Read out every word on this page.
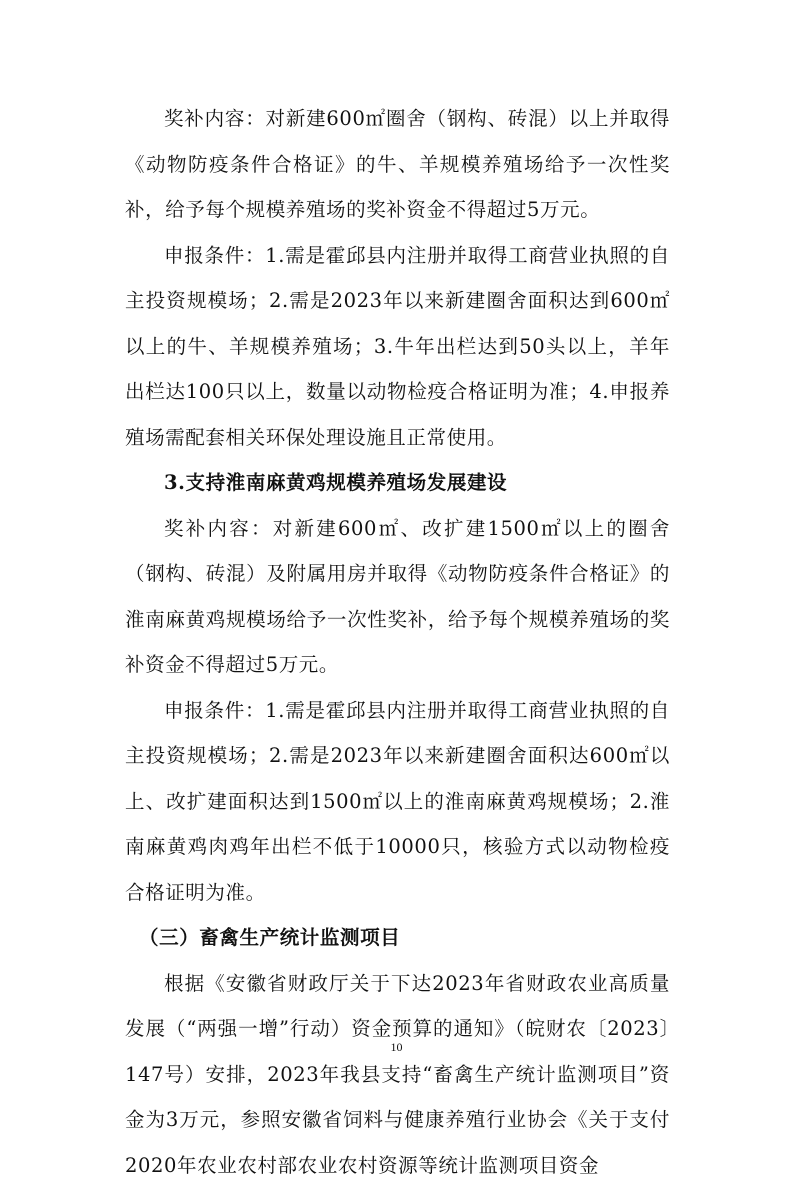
奖补内容：对新建600㎡圈舍（钢构、砖混）以上并取得《动物防疫条件合格证》的牛、羊规模养殖场给予一次性奖补，给予每个规模养殖场的奖补资金不得超过5万元。

申报条件：1.需是霍邱县内注册并取得工商营业执照的自主投资规模场；2.需是2023年以来新建圈舍面积达到600㎡以上的牛、羊规模养殖场；3.牛年出栏达到50头以上，羊年出栏达100只以上，数量以动物检疫合格证明为准；4.申报养殖场需配套相关环保处理设施且正常使用。

3.支持淮南麻黄鸡规模养殖场发展建设

奖补内容：对新建600㎡、改扩建1500㎡以上的圈舍（钢构、砖混）及附属用房并取得《动物防疫条件合格证》的淮南麻黄鸡规模场给予一次性奖补，给予每个规模养殖场的奖补资金不得超过5万元。

申报条件：1.需是霍邱县内注册并取得工商营业执照的自主投资规模场；2.需是2023年以来新建圈舍面积达600㎡以上、改扩建面积达到1500㎡以上的淮南麻黄鸡规模场；2.淮南麻黄鸡肉鸡年出栏不低于10000只，核验方式以动物检疫合格证明为准。

（三）畜禽生产统计监测项目

根据《安徽省财政厅关于下达2023年省财政农业高质量发展（“两强一增”行动）资金预算的通知》（皖财农〔2023〕147号）安排，2023年我县支持“畜禽生产统计监测项目”资金为3万元，参照安徽省饲料与健康养殖行业协会《关于支付2020年农业农村部农业农村资源等统计监测项目资金

10
